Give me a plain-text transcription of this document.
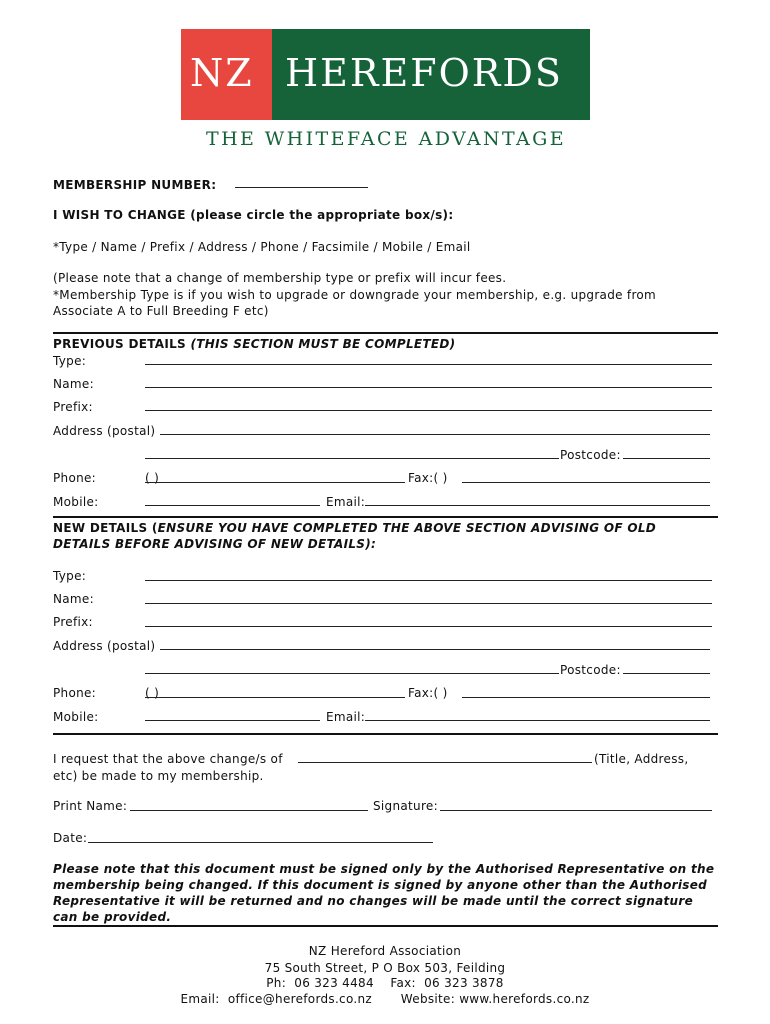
NZ HEREFORDS
THE WHITEFACE ADVANTAGE
MEMBERSHIP NUMBER:
I WISH TO CHANGE (please circle the appropriate box/s):
*Type / Name / Prefix / Address / Phone / Facsimile / Mobile / Email
(Please note that a change of membership type or prefix will incur fees.
*Membership Type is if you wish to upgrade or downgrade your membership, e.g. upgrade from
Associate A to Full Breeding F etc)
PREVIOUS DETAILS (THIS SECTION MUST BE COMPLETED)
Type:
Name:
Prefix:
Address (postal)
Postcode:
Phone:	( )	Fax:( )
Mobile:	Email:
NEW DETAILS (ENSURE YOU HAVE COMPLETED THE ABOVE SECTION ADVISING OF OLD
DETAILS BEFORE ADVISING OF NEW DETAILS):
Type:
Name:
Prefix:
Address (postal)
Postcode:
Phone:	( )	Fax:( )
Mobile:	Email:
I request that the above change/s of	(Title, Address,
etc) be made to my membership.
Print Name:	Signature:
Date:
Please note that this document must be signed only by the Authorised Representative on the
membership being changed. If this document is signed by anyone other than the Authorised
Representative it will be returned and no changes will be made until the correct signature
can be provided.
NZ Hereford Association
75 South Street, P O Box 503, Feilding
Ph:  06 323 4484    Fax:  06 323 3878
Email:  office@herefords.co.nz       Website: www.herefords.co.nz
